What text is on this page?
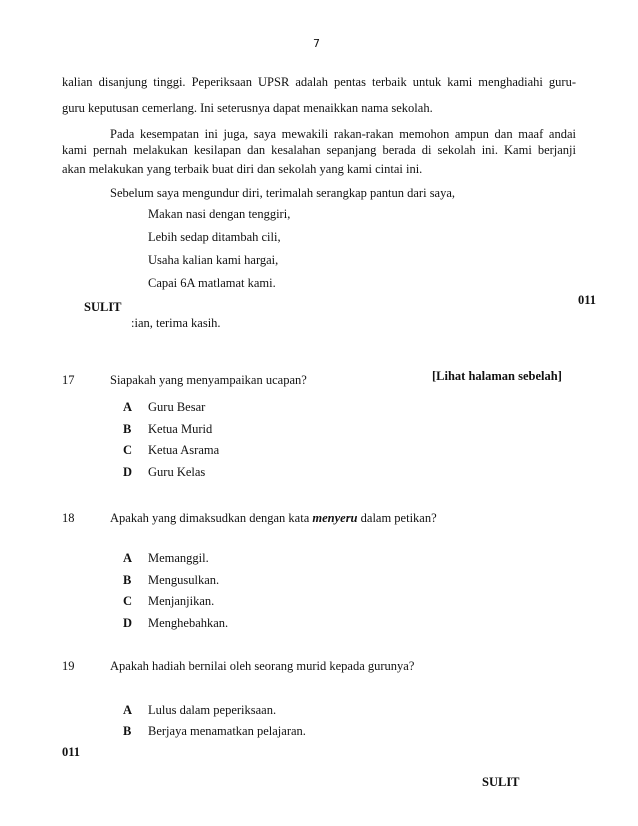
7
kalian disanjung tinggi. Peperiksaan UPSR adalah pentas terbaik untuk kami menghadiahi guru-
guru keputusan cemerlang. Ini seterusnya dapat menaikkan nama sekolah.
Pada kesempatan ini juga, saya mewakili rakan-rakan memohon ampun dan maaf andai
kami pernah melakukan kesilapan dan kesalahan sepanjang berada di sekolah ini. Kami berjanji
akan melakukan yang terbaik buat diri dan sekolah yang kami cintai ini.
Sebelum saya mengundur diri, terimalah serangkap pantun dari saya,
Makan nasi dengan tenggiri,
Lebih sedap ditambah cili,
Usaha kalian kami hargai,
Capai 6A matlamat kami.
011
:ian, terima kasih.
SULIT
17	Siapakah yang menyampaikan ucapan?	[Lihat halaman sebelah]
A Guru Besar
B Ketua Murid
C Ketua Asrama
D Guru Kelas
18	Apakah yang dimaksudkan dengan kata menyeru dalam petikan?
A Memanggil.
B Mengusulkan.
C Menjanjikan.
D Menghebahkan.
19	Apakah hadiah bernilai oleh seorang murid kepada gurunya?
A Lulus dalam peperiksaan.
B Berjaya menamatkan pelajaran.
011
SULIT
